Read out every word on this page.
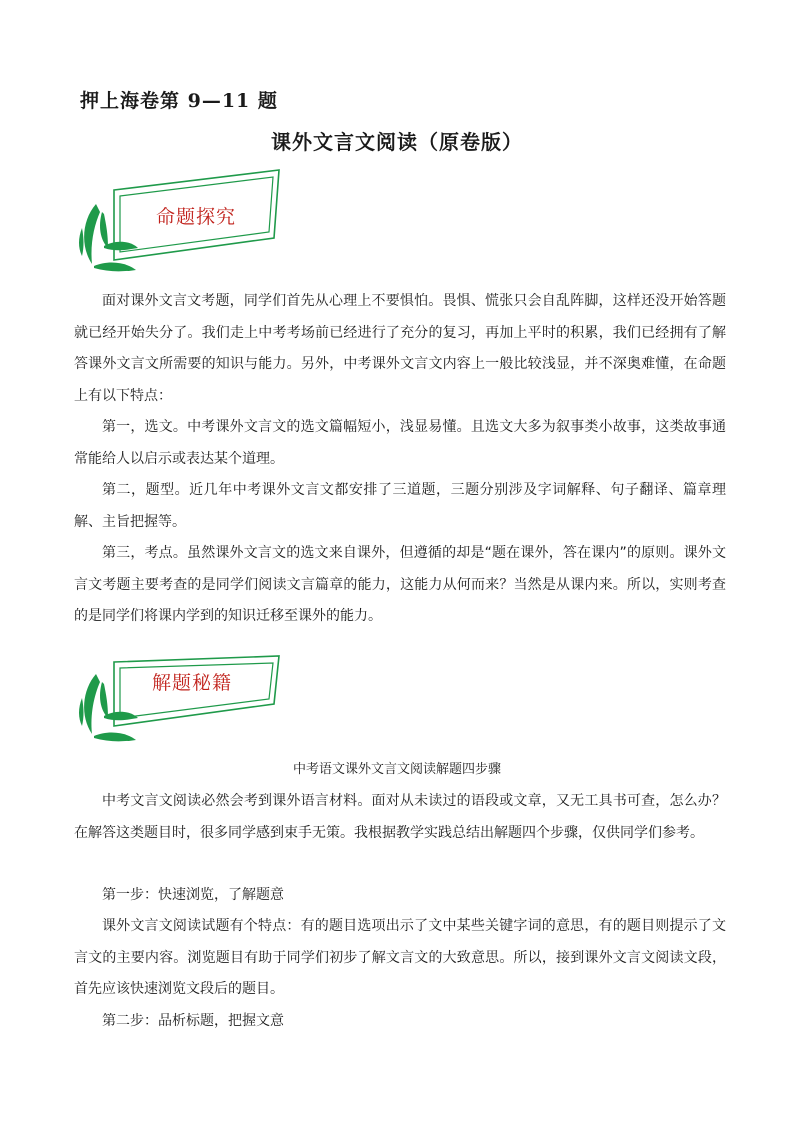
押上海卷第 9—11 题
课外文言文阅读（原卷版）
命题探究

面对课外文言文考题，同学们首先从心理上不要惧怕。畏惧、慌张只会自乱阵脚，这样还没开始答题就已经开始失分了。我们走上中考考场前已经进行了充分的复习，再加上平时的积累，我们已经拥有了解答课外文言文所需要的知识与能力。另外，中考课外文言文内容上一般比较浅显，并不深奥难懂，在命题上有以下特点：

第一，选文。中考课外文言文的选文篇幅短小，浅显易懂。且选文大多为叙事类小故事，这类故事通常能给人以启示或表达某个道理。

第二，题型。近几年中考课外文言文都安排了三道题，三题分别涉及字词解释、句子翻译、篇章理解、主旨把握等。

第三，考点。虽然课外文言文的选文来自课外，但遵循的却是“题在课外，答在课内”的原则。课外文言文考题主要考查的是同学们阅读文言篇章的能力，这能力从何而来？当然是从课内来。所以，实则考查的是同学们将课内学到的知识迁移至课外的能力。

解题秘籍
中考语文课外文言文阅读解题四步骤

中考文言文阅读必然会考到课外语言材料。面对从未读过的语段或文章，又无工具书可查，怎么办？在解答这类题目时，很多同学感到束手无策。我根据教学实践总结出解题四个步骤，仅供同学们参考。

第一步：快速浏览，了解题意

课外文言文阅读试题有个特点：有的题目选项出示了文中某些关键字词的意思，有的题目则提示了文言文的主要内容。浏览题目有助于同学们初步了解文言文的大致意思。所以，接到课外文言文阅读文段，首先应该快速浏览文段后的题目。

第二步：品析标题，把握文意
